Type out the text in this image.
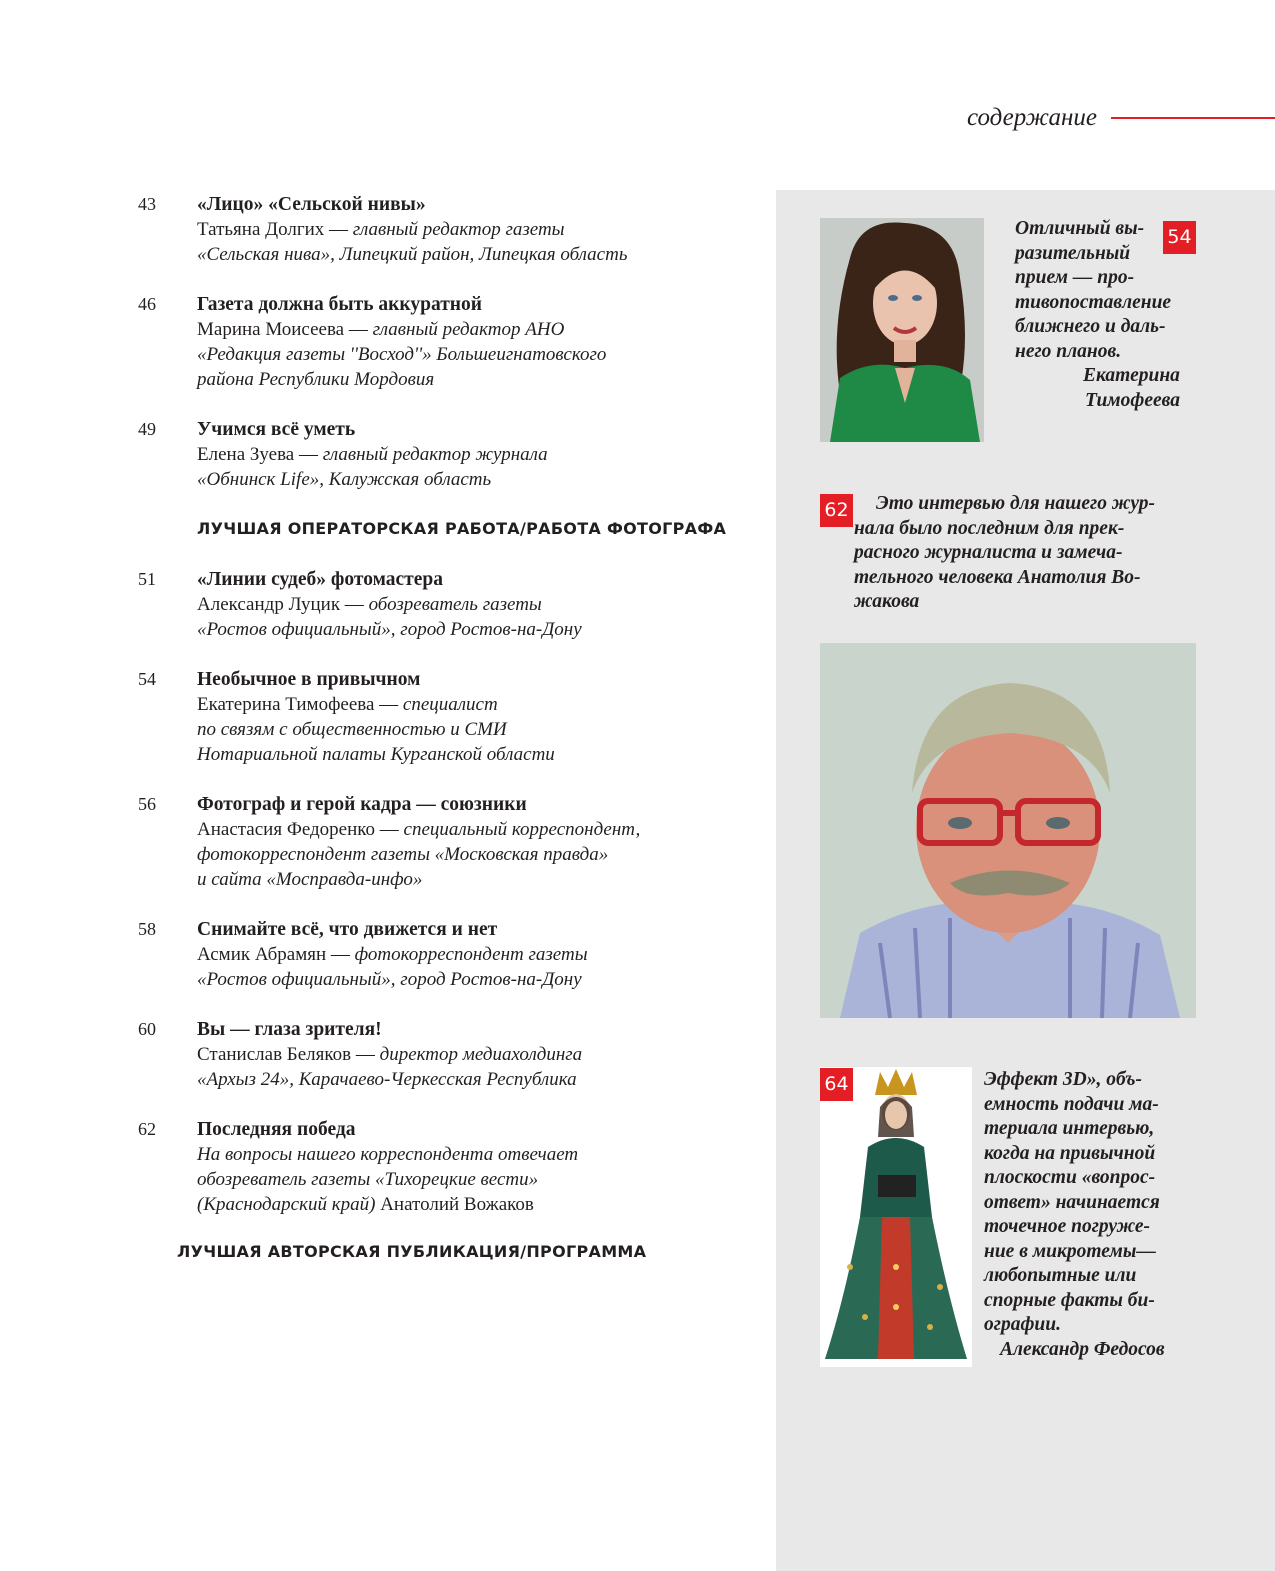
содержание
43	«Лицо» «Сельской нивы»
Татьяна Долгих — главный редактор газеты
«Сельская нива», Липецкий район, Липецкая область
46	Газета должна быть аккуратной
Марина Моисеева — главный редактор АНО
«Редакция газеты ''Восход''» Большеигнатовского
района Республики Мордовия
49	Учимся всё уметь
Елена Зуева — главный редактор журнала
«Обнинск Life», Калужская область
51	«Линии судеб» фотомастера
Александр Луцик — обозреватель газеты
«Ростов официальный», город Ростов-на-Дону
54	Необычное в привычном
Екатерина Тимофеева — специалист
по связям с общественностью и СМИ
Нотариальной палаты Курганской области
56	Фотограф и герой кадра — союзники
Анастасия Федоренко — специальный корреспондент,
фотокорреспондент газеты «Московская правда»
и сайта «Мосправда-инфо»
58	Снимайте всё, что движется и нет
Асмик Абрамян — фотокорреспондент газеты
«Ростов официальный», город Ростов-на-Дону
60	Вы — глаза зрителя!
Станислав Беляков — директор медиахолдинга
«Архыз 24», Карачаево-Черкесская Республика
62	Последняя победа
На вопросы нашего корреспондента отвечает
обозреватель газеты «Тихорецкие вести»
(Краснодарский край) Анатолий Вожаков
ЛУЧШАЯ ОПЕРАТОРСКАЯ РАБОТА/РАБОТА ФОТОГРАФА
ЛУЧШАЯ АВТОРСКАЯ ПУБЛИКАЦИЯ/ПРОГРАММА
54
Отличный вы-
разительный
прием — про-
тивопоставление
ближнего и даль-
него планов.
Екатерина
Тимофеева
62	Это интервью для нашего жур-
нала было последним для прек-
расного журналиста и замеча-
тельного человека Анатолия Во-
жакова
64	Эффект 3D», объ-
емность подачи ма-
териала интервью,
когда на привычной
плоскости «вопрос-
ответ» начинается
точечное погруже-
ние в микротемы—
любопытные или
спорные факты би-
ографии.
Александр Федосов
